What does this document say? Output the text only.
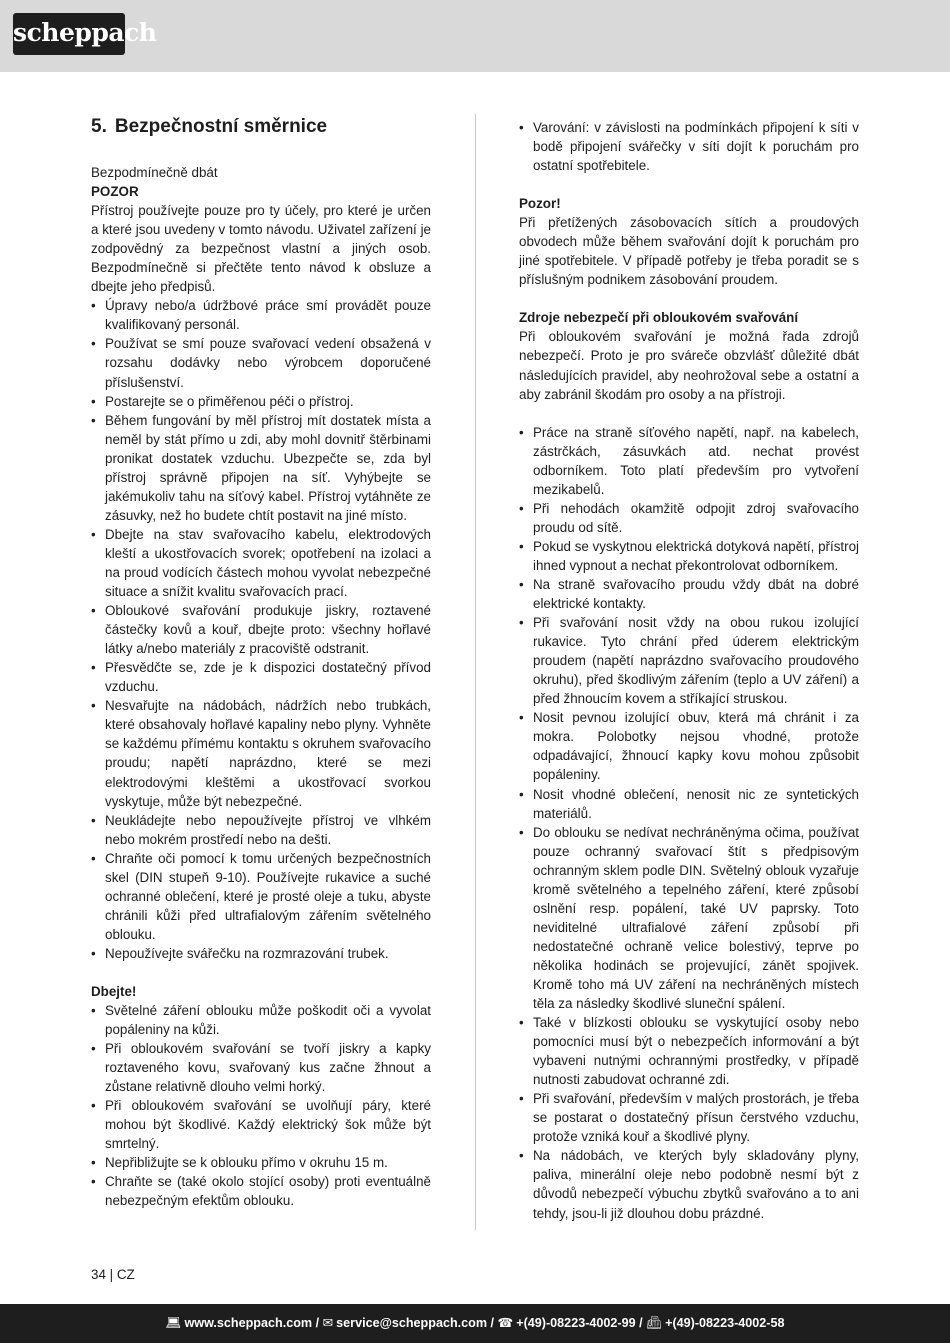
scheppach
5. Bezpečnostní směrnice

Bezpodmínečně dbát

POZOR

Přístroj používejte pouze pro ty účely, pro které je určen a které jsou uvedeny v tomto návodu. Uživatel zařízení je zodpovědný za bezpečnost vlastní a jiných osob. Bezpodmínečně si přečtěte tento návod k obsluze a dbejte jeho předpisů.

• Úpravy nebo/a údržbové práce smí provádět pouze kvalifikovaný personál.
• Používat se smí pouze svařovací vedení obsažená v rozsahu dodávky nebo výrobcem doporučené příslušenství.
• Postarejte se o přiměřenou péči o přístroj.
• Během fungování by měl přístroj mít dostatek místa a neměl by stát přímo u zdi, aby mohl dovnitř štěrbinami pronikat dostatek vzduchu. Ubezpečte se, zda byl přístroj správně připojen na síť. Vyhýbejte se jakémukoliv tahu na síťový kabel. Přístroj vytáhněte ze zásuvky, než ho budete chtít postavit na jiné místo.
• Dbejte na stav svařovacího kabelu, elektrodových kleští a ukostřovacích svorek; opotřebení na izolaci a na proud vodících částech mohou vyvolat nebezpečné situace a snížit kvalitu svařovacích prací.
• Obloukové svařování produkuje jiskry, roztavené částečky kovů a kouř, dbejte proto: všechny hořlavé látky a/nebo materiály z pracoviště odstranit.
• Přesvědčte se, zde je k dispozici dostatečný přívod vzduchu.
• Nesvařujte na nádobách, nádržích nebo trubkách, které obsahovaly hořlavé kapaliny nebo plyny. Vyhněte se každému přímému kontaktu s okruhem svařovacího proudu; napětí naprázdno, které se mezi elektrodovými kleštěmi a ukostřovací svorkou vyskytuje, může být nebezpečné.
• Neukládejte nebo nepoužívejte přístroj ve vlhkém nebo mokrém prostředí nebo na dešti.
• Chraňte oči pomocí k tomu určených bezpečnostních skel (DIN stupeň 9-10). Používejte rukavice a suché ochranné oblečení, které je prosté oleje a tuku, abyste chránili kůži před ultrafialovým zářením světelného oblouku.
• Nepoužívejte svářečku na rozmrazování trubek.

Dbejte!

• Světelné záření oblouku může poškodit oči a vyvolat popáleniny na kůži.
• Při obloukovém svařování se tvoří jiskry a kapky roztaveného kovu, svařovaný kus začne žhnout a zůstane relativně dlouho velmi horký.
• Při obloukovém svařování se uvolňují páry, které mohou být škodlivé. Každý elektrický šok může být smrtelný.
• Nepřibližujte se k oblouku přímo v okruhu 15 m.
• Chraňte se (také okolo stojící osoby) proti eventuálně nebezpečným efektům oblouku.
• Varování: v závislosti na podmínkách připojení k síti v bodě připojení svářečky v síti dojít k poruchám pro ostatní spotřebitele.

Pozor!

Při přetížených zásobovacích sítích a proudových obvodech může během svařování dojít k poruchám pro jiné spotřebitele. V případě potřeby je třeba poradit se s příslušným podnikem zásobování proudem.

Zdroje nebezpečí při obloukovém svařování

Při obloukovém svařování je možná řada zdrojů nebezpečí. Proto je pro sváreče obzvlášť důležité dbát následujících pravidel, aby neohrožoval sebe a ostatní a aby zabránil škodám pro osoby a na přístroji.

• Práce na straně síťového napětí, např. na kabelech, zástrčkách, zásuvkách atd. nechat provést odborníkem. Toto platí především pro vytvoření mezikabelů.
• Při nehodách okamžitě odpojit zdroj svařovacího proudu od sítě.
• Pokud se vyskytnou elektrická dotyková napětí, přístroj ihned vypnout a nechat překontrolovat odborníkem.
• Na straně svařovacího proudu vždy dbát na dobré elektrické kontakty.
• Při svařování nosit vždy na obou rukou izolující rukavice. Tyto chrání před úderem elektrickým proudem (napětí naprázdno svařovacího proudového okruhu), před škodlivým zářením (teplo a UV záření) a před žhnoucím kovem a stříkající struskou.
• Nosit pevnou izolující obuv, která má chránit i za mokra. Polobotky nejsou vhodné, protože odpadávající, žhnoucí kapky kovu mohou způsobit popáleniny.
• Nosit vhodné oblečení, nenosit nic ze syntetických materiálů.
• Do oblouku se nedívat nechráněnýma očima, používat pouze ochranný svařovací štít s předpisovým ochranným sklem podle DIN. Světelný oblouk vyzařuje kromě světelného a tepelného záření, které způsobí oslnění resp. popálení, také UV paprsky. Toto neviditelné ultrafialové záření způsobí při nedostatečné ochraně velice bolestivý, teprve po několika hodinách se projevující, zánět spojivek. Kromě toho má UV záření na nechráněných místech těla za následky škodlivé sluneční spálení.
• Také v blízkosti oblouku se vyskytující osoby nebo pomocníci musí být o nebezpečích informování a být vybaveni nutnými ochrannými prostředky, v případě nutnosti zabudovat ochranné zdi.
• Při svařování, především v malých prostorách, je třeba se postarat o dostatečný přísun čerstvého vzduchu, protože vzniká kouř a škodlivé plyny.
• Na nádobách, ve kterých byly skladovány plyny, paliva, minerální oleje nebo podobně nesmí být z důvodů nebezpečí výbuchu zbytků svařováno a to ani tehdy, jsou-li již dlouhou dobu prázdné.
34 | CZ
💻︎ www.scheppach.com / ✉︎ service@scheppach.com / ☎︎ +(49)-08223-4002-99 / 📠︎ +(49)-08223-4002-58
